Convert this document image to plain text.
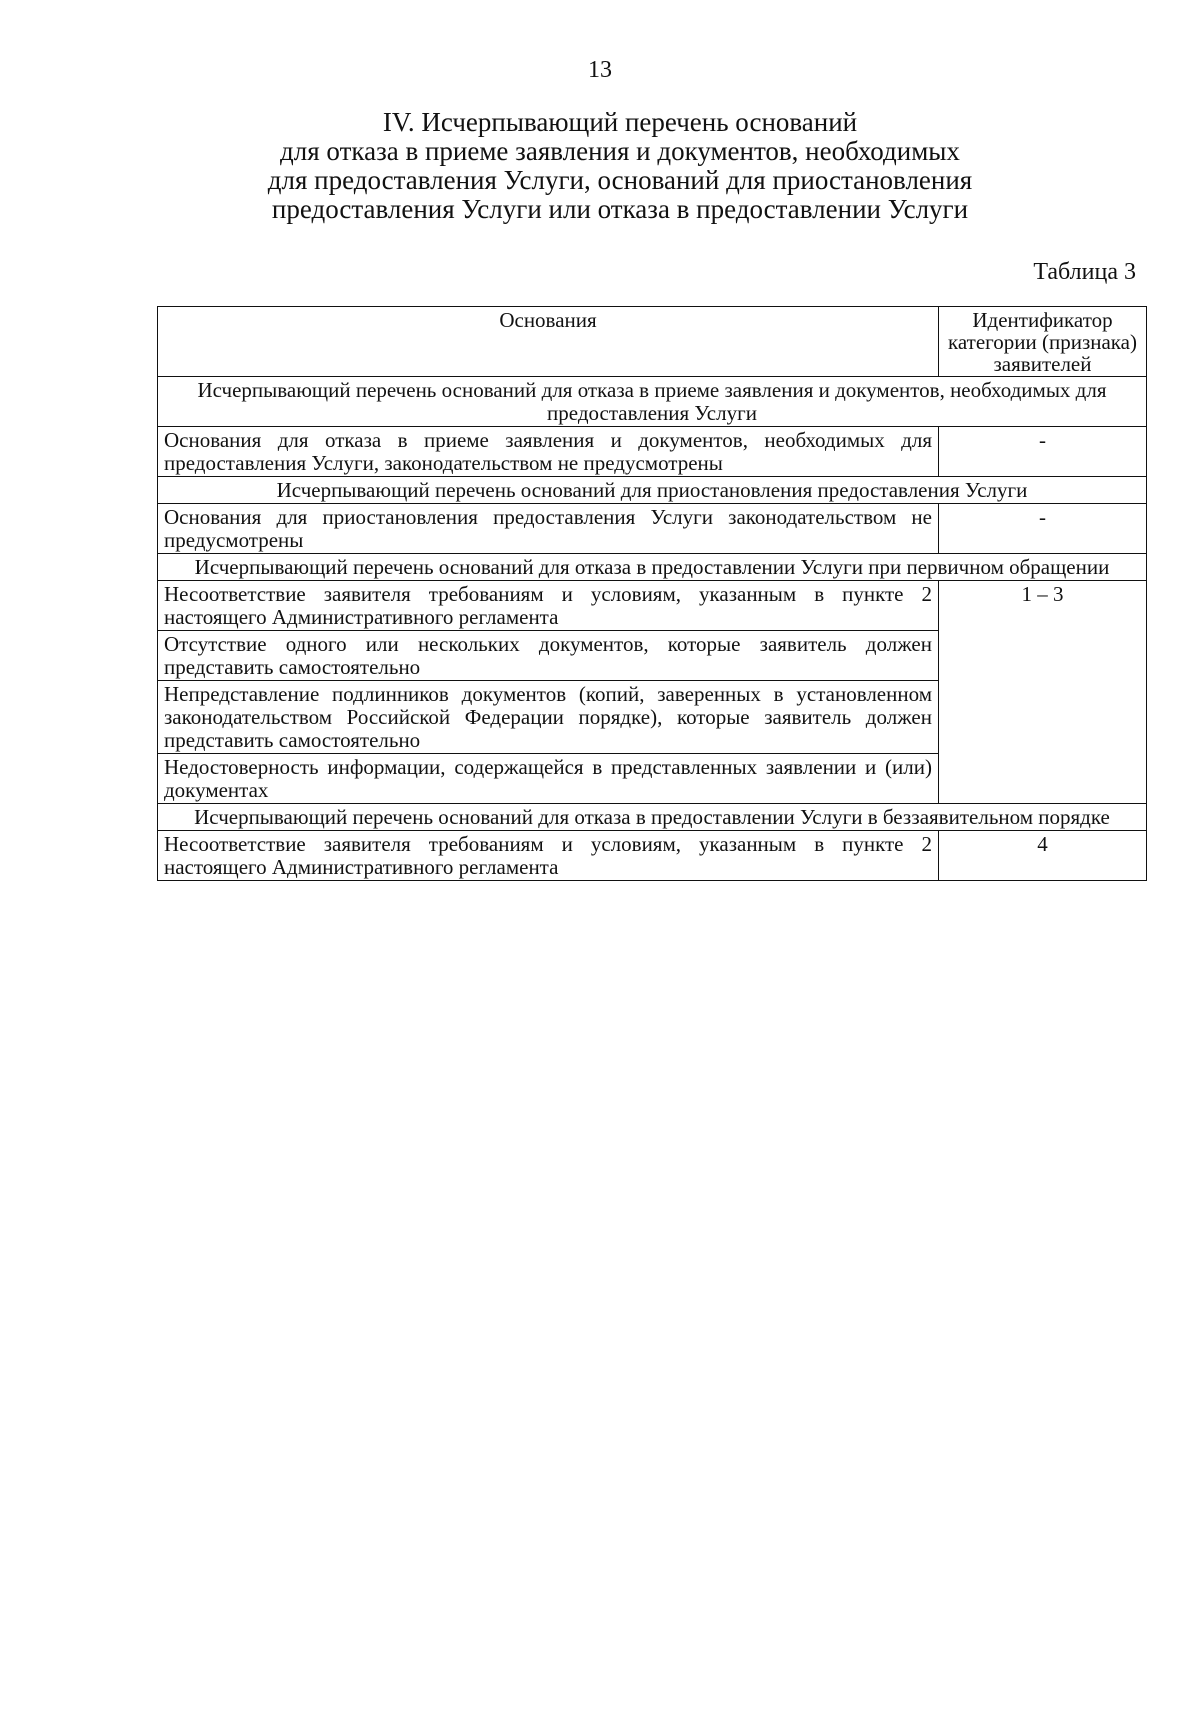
13
IV. Исчерпывающий перечень оснований
для отказа в приеме заявления и документов, необходимых
для предоставления Услуги, оснований для приостановления
предоставления Услуги или отказа в предоставлении Услуги
Таблица 3
Основания	Идентификатор категории (признака) заявителей
Исчерпывающий перечень оснований для отказа в приеме заявления и документов, необходимых для предоставления Услуги	
Основания для отказа в приеме заявления и документов, необходимых для предоставления Услуги, законодательством не предусмотрены	-
Исчерпывающий перечень оснований для приостановления предоставления Услуги	
Основания для приостановления предоставления Услуги законодательством не предусмотрены	-
Исчерпывающий перечень оснований для отказа в предоставлении Услуги при первичном обращении	
Несоответствие заявителя требованиям и условиям, указанным в пункте 2 настоящего Административного регламента	1 – 3
Отсутствие одного или нескольких документов, которые заявитель должен представить самостоятельно	
Непредставление подлинников документов (копий, заверенных в установленном законодательством Российской Федерации порядке), которые заявитель должен представить самостоятельно	
Недостоверность информации, содержащейся в представленных заявлении и (или) документах	
Исчерпывающий перечень оснований для отказа в предоставлении Услуги в беззаявительном порядке	
Несоответствие заявителя требованиям и условиям, указанным в пункте 2 настоящего Административного регламента	4
